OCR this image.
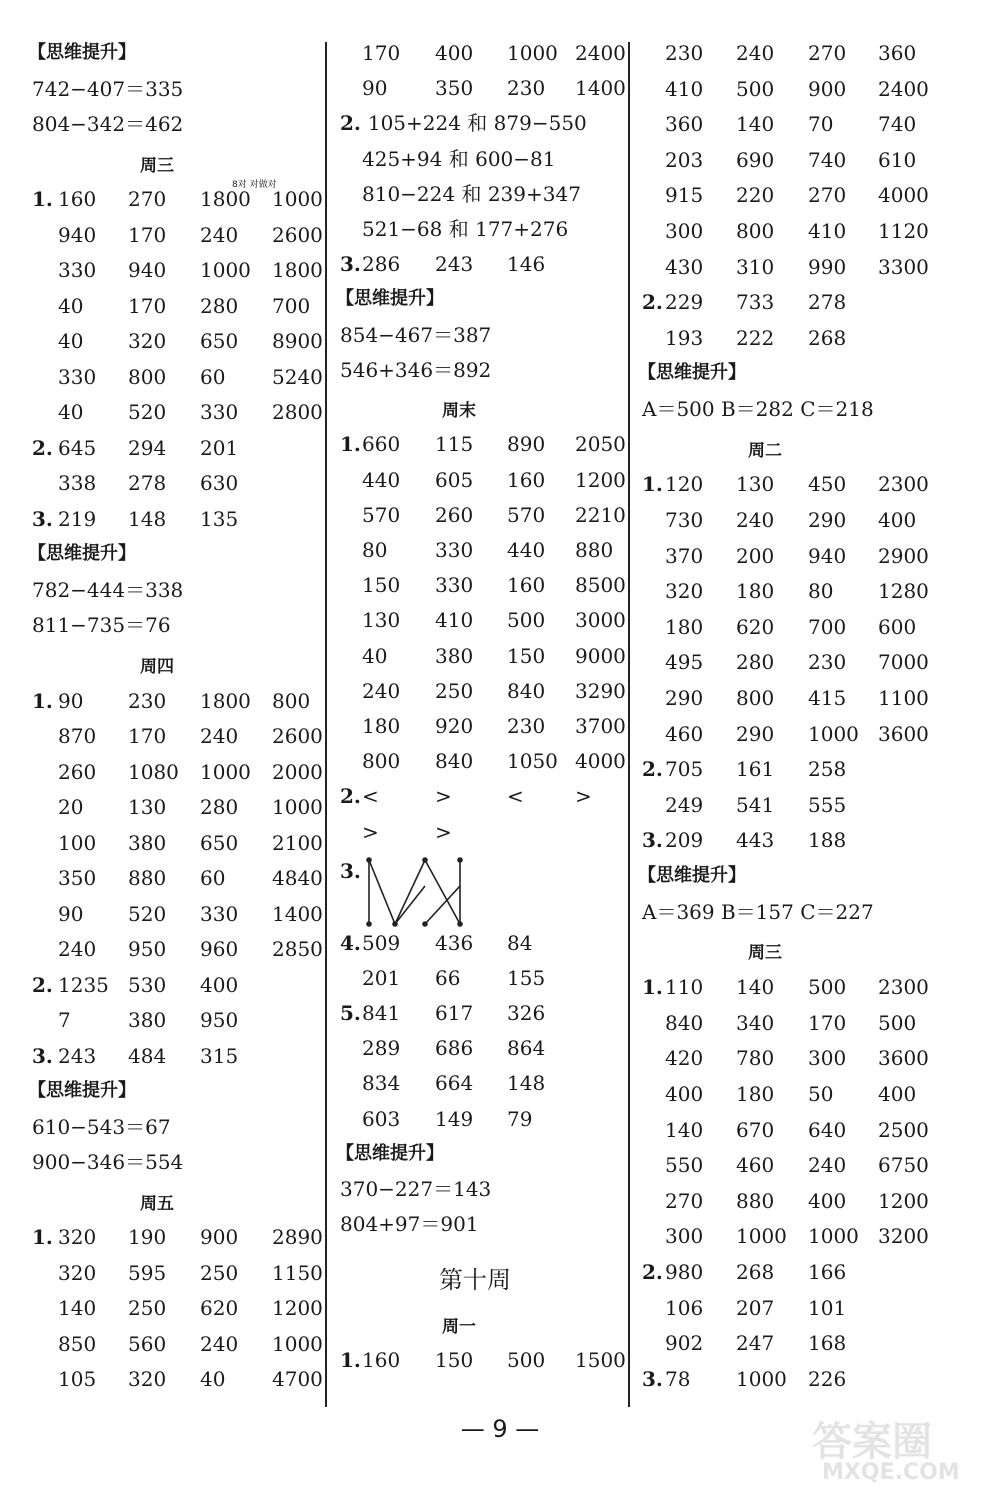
【思维提升】
742−407＝335
804−342＝462
周三
1. 160 270 1800 1000
940 170 240 2600
330 940 1000 1800
40 170 280 700
40 320 650 8900
330 800 60 5240
40 520 330 2800
2. 645 294 201
338 278 630
3. 219 148 135
【思维提升】
782−444＝338
811−735＝76
周四
1. 90 230 1800 800
870 170 240 2600
260 1080 1000 2000
20 130 280 1000
100 380 650 2100
350 880 60 4840
90 520 330 1400
240 950 960 2850
2. 1235 530 400
7	380 950
3. 243 484 315
【思维提升】
610−543＝67
900−346＝554
周五
1. 320 190 900 2890
320 595 250 1150
140 250 620 1200
850 560 240 1000
105 320 40 4700
8对 对做对
170 400 1000 2400
90 350 230 1400
2. 105+224 和 879−550
425+94 和 600−81
810−224 和 239+347
521−68 和 177+276
3. 286 243 146
【思维提升】
854−467＝387
546+346＝892
周末
1. 660 115 890 2050
440 605 160 1200
570 260 570 2210
80 330 440 880
150 330 160 8500
130 410 500 3000
40 380 150 9000
240 250 840 3290
180 920 230 3700
800 840 1050 4000
2. <	>	<	>
>	>
3.
4. 509 436 84
201 66 155
5. 841 617 326
289 686 864
834 664 148
603 149 79
【思维提升】
370−227＝143
804+97＝901
第十周
周一
1. 160 150 500 1500
230 240 270 360
410 500 900 2400
360 140 70 740
203 690 740 610
915 220 270 4000
300 800 410 1120
430 310 990 3300
2. 229 733 278
193 222 268
【思维提升】
A＝500 B＝282 C＝218
周二
1. 120 130 450 2300
730 240 290 400
370 200 940 2900
320 180 80 1280
180 620 700 600
495 280 230 7000
290 800 415 1100
460 290 1000 3600
2. 705 161 258
249 541 555
3. 209 443 188
【思维提升】
A＝369 B＝157 C＝227
周三
1. 110 140 500 2300
840 340 170 500
420 780 300 3600
400 180 50 400
140 670 640 2500
550 460 240 6750
270 880 400 1200
300 1000 1000 3200
2. 980 268 166
106 207 101
902 247 168
3. 78 1000 226
— 9 —	答案圈
MXQE.COM
